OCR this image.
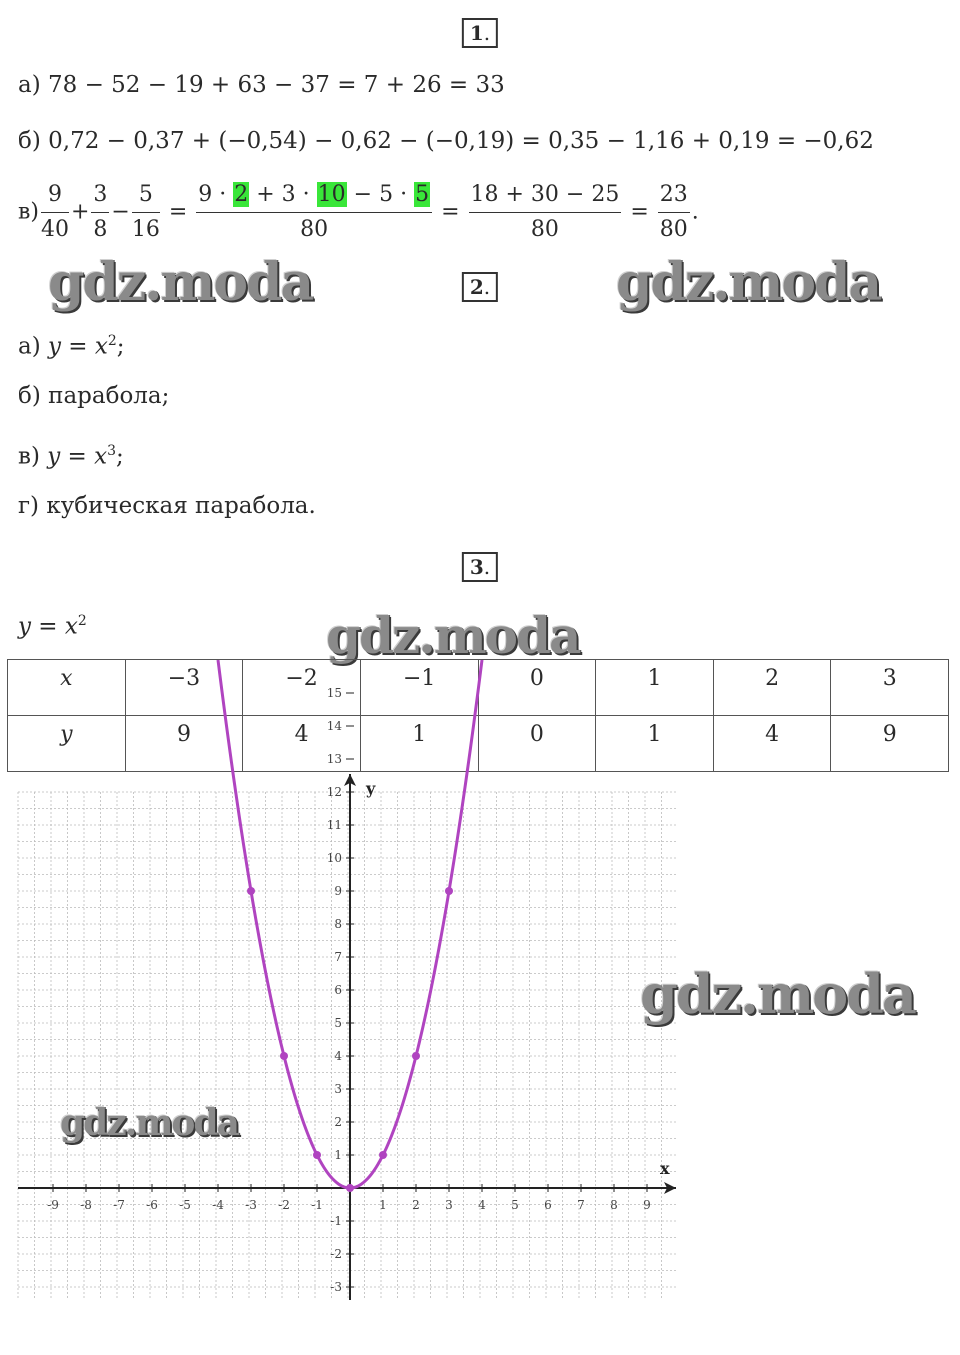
1.
а) 78 − 52 − 19 + 63 − 37 = 7 + 26 = 33
б) 0,72 − 0,37 + (−0,54) − 0,62 − (−0,19) = 0,35 − 1,16 + 0,19 = −0,62
$в) \frac{9}{40} + \frac{3}{8} - \frac{5}{16} = \frac{9 \cdot 2 + 3 \cdot 10 - 5 \cdot 5}{80} = \frac{18 + 30 - 25}{80} = \frac{23}{80}$ .
gdz.moda	gdz.moda
2.
а) $y = x^2$;
б) парабола;
в) $y = x^3$;
г) кубическая парабола.
3.
$y = x^2$	gdz.moda
x	−3	−2	−1	0	1	2	3
y	9	4	1	0	1	4	9
x
y
-9 -8 -7 -6 -5 -4 -3 -2 -1	1 2 3 4 5 6 7 8 9
-3
-2
-1
1
2
3
4
5
6
7
8
9
10
11
12
13
14
15
gdz.moda
gdz.moda
